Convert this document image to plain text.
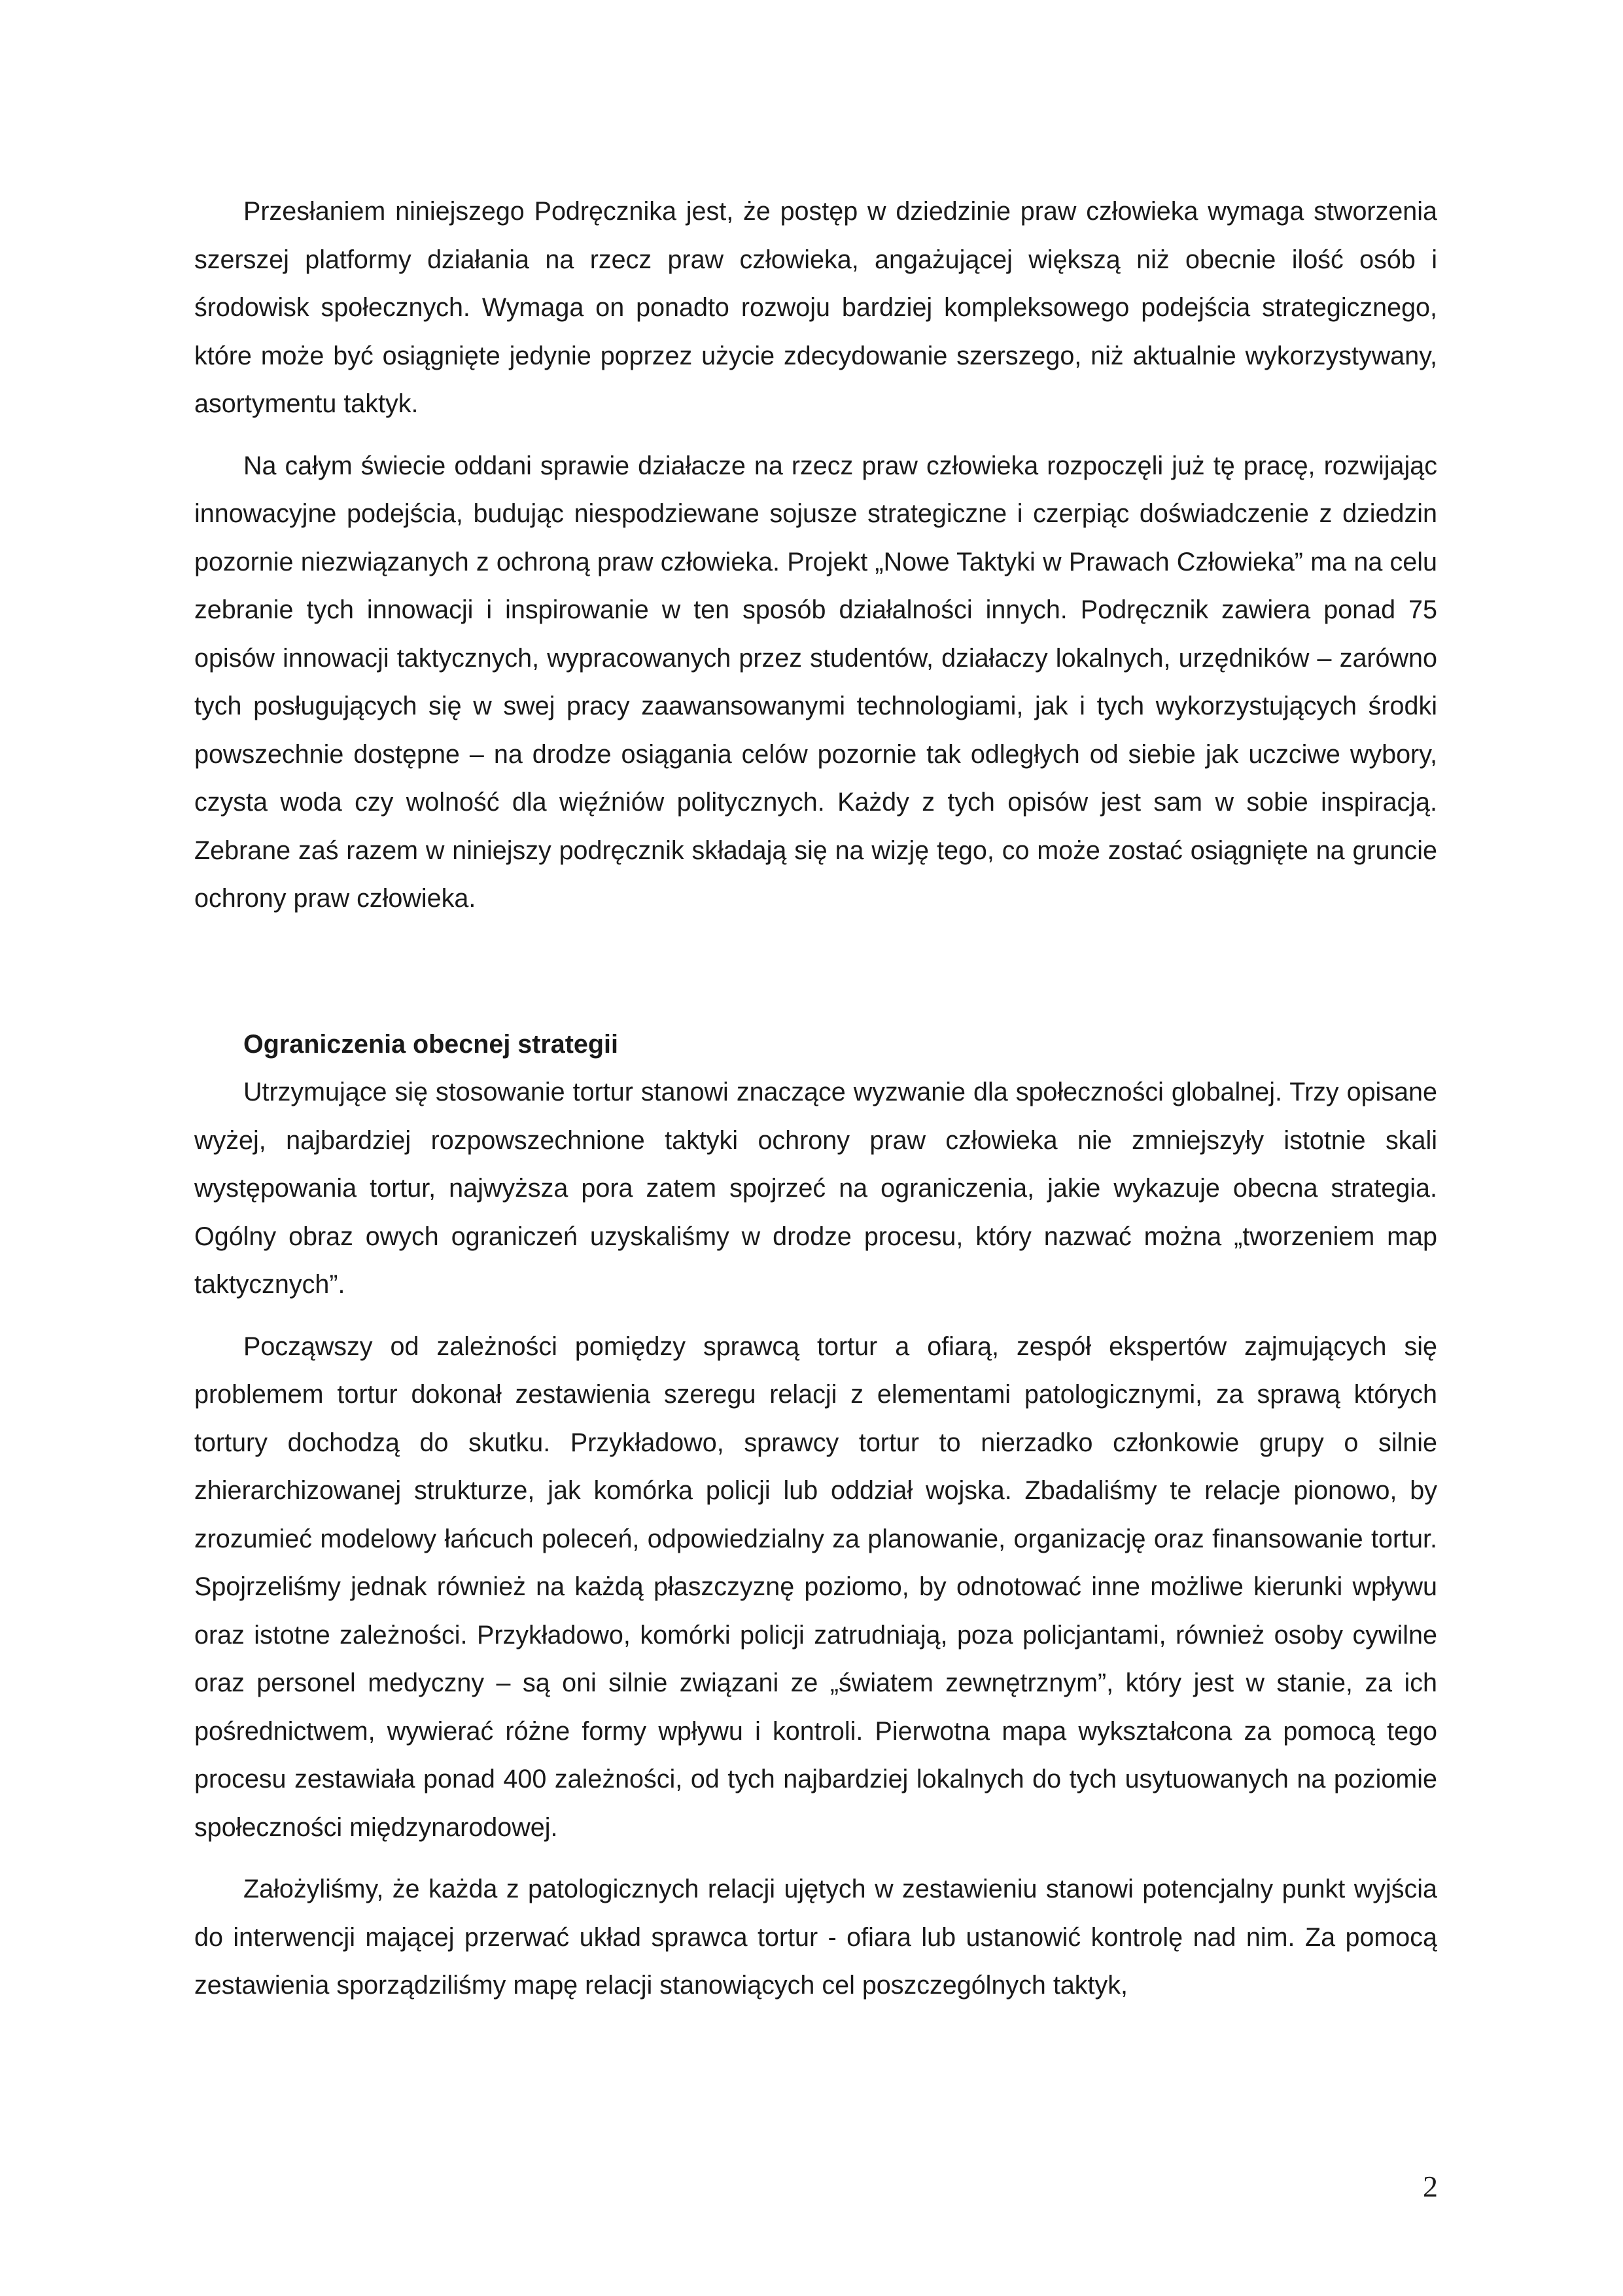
Przesłaniem niniejszego Podręcznika jest, że postęp w dziedzinie praw człowieka wymaga stworzenia szerszej platformy działania na rzecz praw człowieka, angażującej większą niż obecnie ilość osób i środowisk społecznych. Wymaga on ponadto rozwoju bardziej kompleksowego podejścia strategicznego, które może być osiągnięte jedynie poprzez użycie zdecydowanie szerszego, niż aktualnie wykorzystywany, asortymentu taktyk.

Na całym świecie oddani sprawie działacze na rzecz praw człowieka rozpoczęli już tę pracę, rozwijając innowacyjne podejścia, budując niespodziewane sojusze strategiczne i czerpiąc doświadczenie z dziedzin pozornie niezwiązanych z ochroną praw człowieka. Projekt „Nowe Taktyki w Prawach Człowieka” ma na celu zebranie tych innowacji i inspirowanie w ten sposób działalności innych. Podręcznik zawiera ponad 75 opisów innowacji taktycznych, wypracowanych przez studentów, działaczy lokalnych, urzędników – zarówno tych posługujących się w swej pracy zaawansowanymi technologiami, jak i tych wykorzystujących środki powszechnie dostępne – na drodze osiągania celów pozornie tak odległych od siebie jak uczciwe wybory, czysta woda czy wolność dla więźniów politycznych. Każdy z tych opisów jest sam w sobie inspiracją. Zebrane zaś razem w niniejszy podręcznik składają się na wizję tego, co może zostać osiągnięte na gruncie ochrony praw człowieka.

Ograniczenia obecnej strategii

Utrzymujące się stosowanie tortur stanowi znaczące wyzwanie dla społeczności globalnej. Trzy opisane wyżej, najbardziej rozpowszechnione taktyki ochrony praw człowieka nie zmniejszyły istotnie skali występowania tortur, najwyższa pora zatem spojrzeć na ograniczenia, jakie wykazuje obecna strategia. Ogólny obraz owych ograniczeń uzyskaliśmy w drodze procesu, który nazwać można „tworzeniem map taktycznych”.

Począwszy od zależności pomiędzy sprawcą tortur a ofiarą, zespół ekspertów zajmujących się problemem tortur dokonał zestawienia szeregu relacji z elementami patologicznymi, za sprawą których tortury dochodzą do skutku. Przykładowo, sprawcy tortur to nierzadko członkowie grupy o silnie zhierarchizowanej strukturze, jak komórka policji lub oddział wojska. Zbadaliśmy te relacje pionowo, by zrozumieć modelowy łańcuch poleceń, odpowiedzialny za planowanie, organizację oraz finansowanie tortur. Spojrzeliśmy jednak również na każdą płaszczyznę poziomo, by odnotować inne możliwe kierunki wpływu oraz istotne zależności. Przykładowo, komórki policji zatrudniają, poza policjantami, również osoby cywilne oraz personel medyczny – są oni silnie związani ze „światem zewnętrznym”, który jest w stanie, za ich pośrednictwem, wywierać różne formy wpływu i kontroli. Pierwotna mapa wykształcona za pomocą tego procesu zestawiała ponad 400 zależności, od tych najbardziej lokalnych do tych usytuowanych na poziomie społeczności międzynarodowej.

Założyliśmy, że każda z patologicznych relacji ujętych w zestawieniu stanowi potencjalny punkt wyjścia do interwencji mającej przerwać układ sprawca tortur - ofiara lub ustanowić kontrolę nad nim. Za pomocą zestawienia sporządziliśmy mapę relacji stanowiących cel poszczególnych taktyk,

2
